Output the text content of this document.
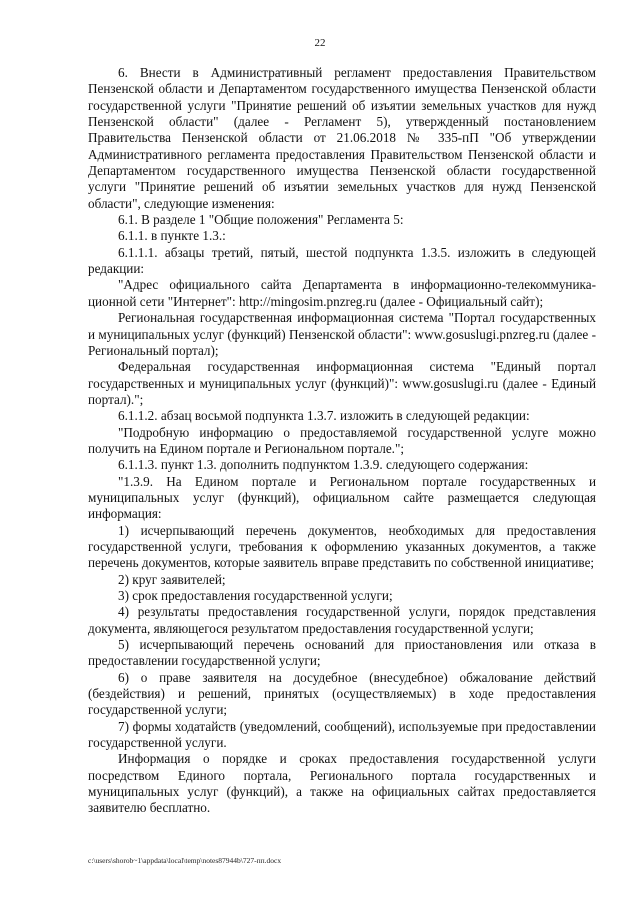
22

6. Внести в Административный регламент предоставления Правительством Пензенской области и Департаментом государственного имущества Пензенской области государственной услуги "Принятие решений об изъятии земельных участков для нужд Пензенской области" (далее - Регламент 5), утвержденный постановлением Правительства Пензенской области от 21.06.2018 № 335-пП "Об утверждении Административного регламента предоставления Правительством Пензенской области и Департаментом государственного имущества Пензенской области государственной услуги "Принятие решений об изъятии земельных участков для нужд Пензенской области", следующие изменения:

6.1. В разделе 1 "Общие положения" Регламента 5:

6.1.1. в пункте 1.3.:

6.1.1.1. абзацы третий, пятый, шестой подпункта 1.3.5. изложить в следующей редакции:

"Адрес официального сайта Департамента в информационно-телекоммуника-ционной сети "Интернет": http://mingosim.pnzreg.ru (далее - Официальный сайт);

Региональная государственная информационная система "Портал государственных и муниципальных услуг (функций) Пензенской области": www.gosuslugi.pnzreg.ru (далее - Региональный портал);

Федеральная государственная информационная система "Единый портал государственных и муниципальных услуг (функций)": www.gosuslugi.ru (далее - Единый портал).";

6.1.1.2. абзац восьмой подпункта 1.3.7. изложить в следующей редакции:

"Подробную информацию о предоставляемой государственной услуге можно получить на Едином портале и Региональном портале.";

6.1.1.3. пункт 1.3. дополнить подпунктом 1.3.9. следующего содержания:

"1.3.9. На Едином портале и Региональном портале государственных и муниципальных услуг (функций), официальном сайте размещается следующая информация:

1) исчерпывающий перечень документов, необходимых для предоставления государственной услуги, требования к оформлению указанных документов, а также перечень документов, которые заявитель вправе представить по собственной инициативе;

2) круг заявителей;

3) срок предоставления государственной услуги;

4) результаты предоставления государственной услуги, порядок представления документа, являющегося результатом предоставления государственной услуги;

5) исчерпывающий перечень оснований для приостановления или отказа в предоставлении государственной услуги;

6) о праве заявителя на досудебное (внесудебное) обжалование действий (бездействия) и решений, принятых (осуществляемых) в ходе предоставления государственной услуги;

7) формы ходатайств (уведомлений, сообщений), используемые при предоставлении государственной услуги.

Информация о порядке и сроках предоставления государственной услуги посредством Единого портала, Регионального портала государственных и муниципальных услуг (функций), а также на официальных сайтах предоставляется заявителю бесплатно.

c:\users\shorob~1\appdata\local\temp\notes87944b\727-пп.docx
